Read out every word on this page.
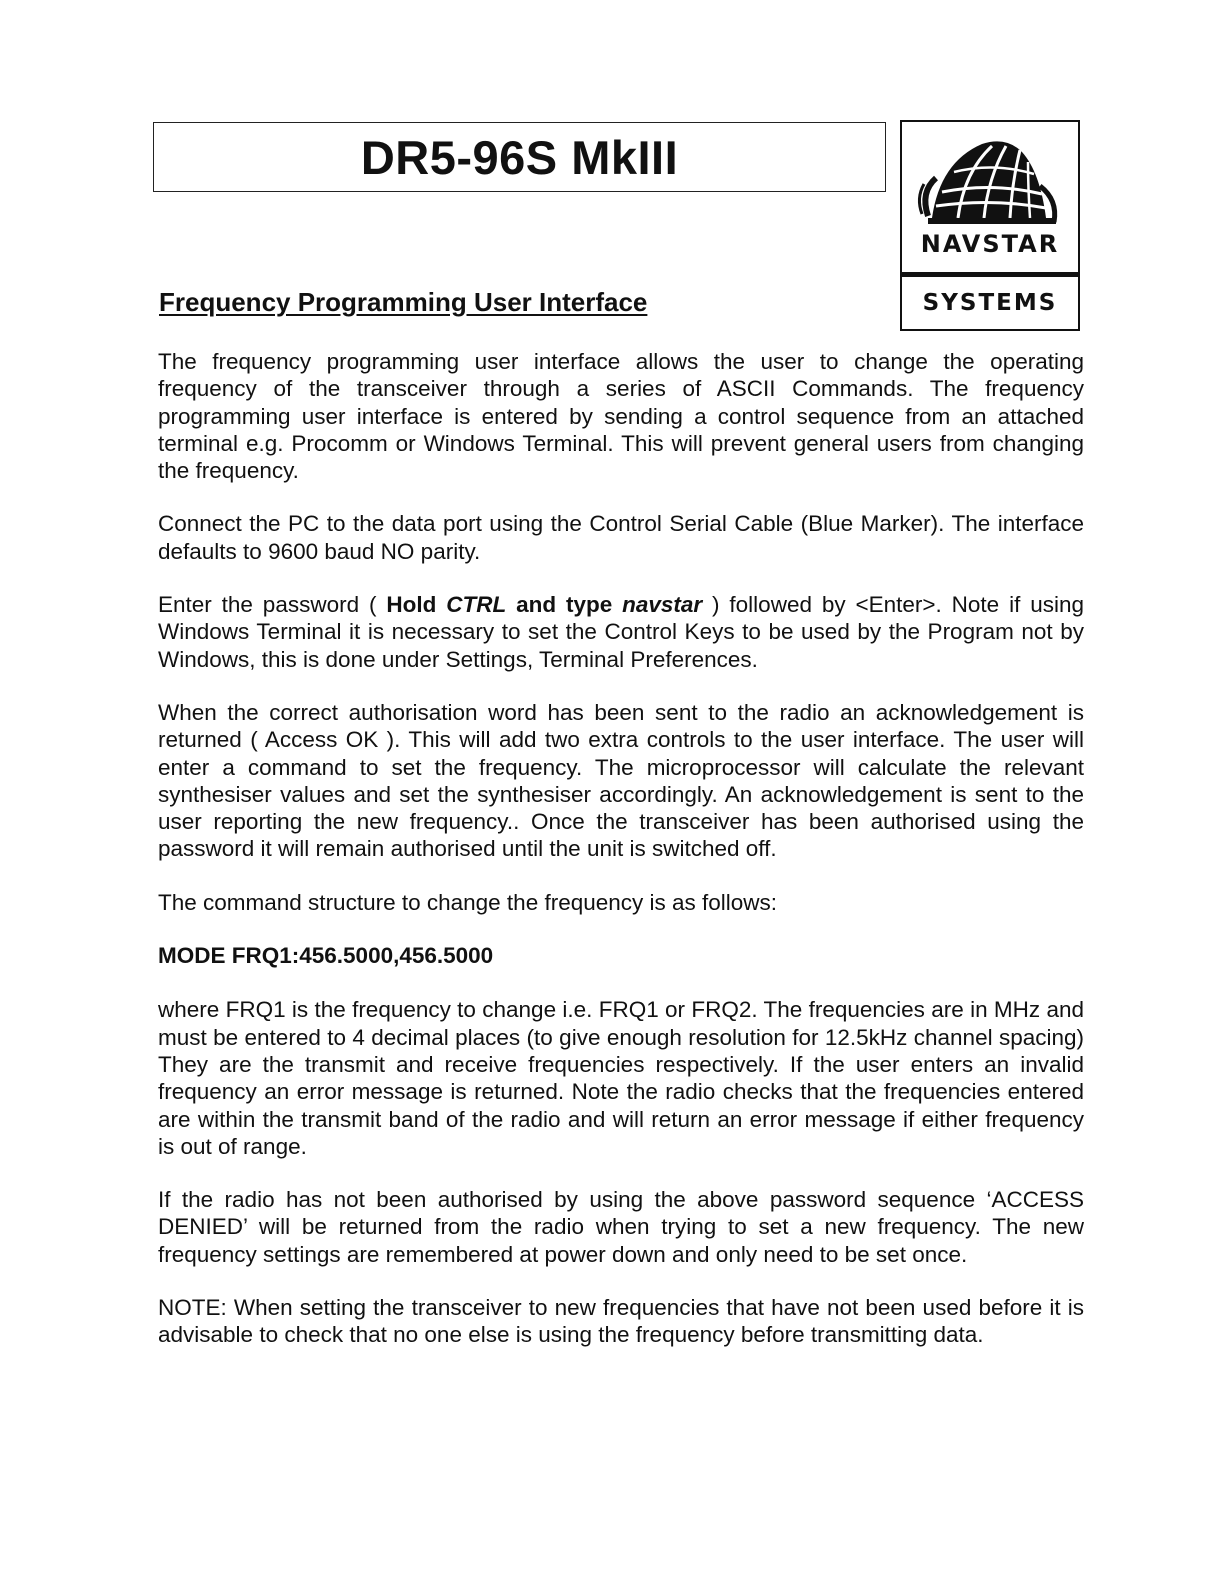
DR5-96S MkIII
NAVSTAR
SYSTEMS
Frequency Programming User Interface

The frequency programming user interface allows the user to change the operating frequency of the transceiver through a series of ASCII Commands. The frequency programming user interface is entered by sending a control sequence from an attached terminal e.g. Procomm or Windows Terminal. This will prevent general users from changing the frequency.

Connect the PC to the data port using the Control Serial Cable (Blue Marker). The interface defaults to 9600 baud NO parity.

Enter the password ( Hold CTRL and type navstar ) followed by <Enter>. Note if using Windows Terminal it is necessary to set the Control Keys to be used by the Program not by Windows, this is done under Settings, Terminal Preferences.

When the correct authorisation word has been sent to the radio an acknowledgement is returned ( Access OK ). This will add two extra controls to the user interface. The user will enter a command to set the frequency. The microprocessor will calculate the relevant synthesiser values and set the synthesiser accordingly. An acknowledgement is sent to the user reporting the new frequency.. Once the transceiver has been authorised using the password it will remain authorised until the unit is switched off.

The command structure to change the frequency is as follows:

MODE FRQ1:456.5000,456.5000

where FRQ1 is the frequency to change i.e. FRQ1 or FRQ2. The frequencies are in MHz and must be entered to 4 decimal places (to give enough resolution for 12.5kHz channel spacing) They are the transmit and receive frequencies respectively. If the user enters an invalid frequency an error message is returned. Note the radio checks that the frequencies entered are within the transmit band of the radio and will return an error message if either frequency is out of range.

If the radio has not been authorised by using the above password sequence ‘ACCESS DENIED’ will be returned from the radio when trying to set a new frequency. The new frequency settings are remembered at power down and only need to be set once.

NOTE: When setting the transceiver to new frequencies that have not been used before it is advisable to check that no one else is using the frequency before transmitting data.
